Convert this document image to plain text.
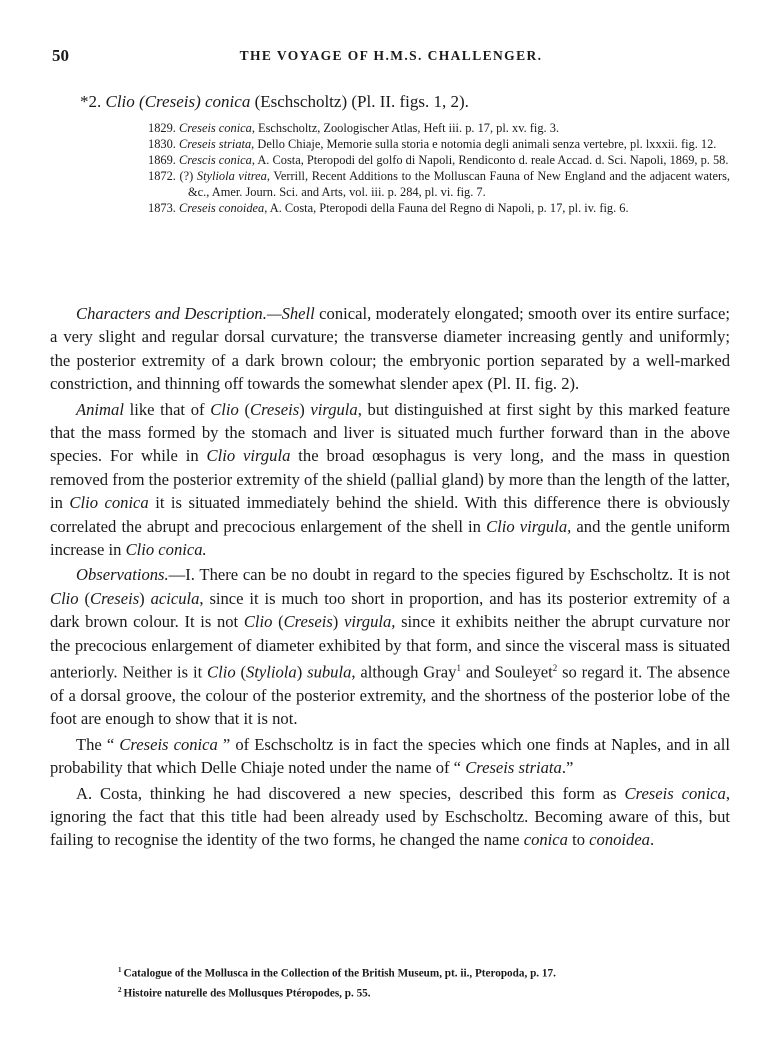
50	THE VOYAGE OF H.M.S. CHALLENGER.
*2. Clio (Creseis) conica (Eschscholtz) (Pl. II. figs. 1, 2).
1829. Creseis conica, Eschscholtz, Zoologischer Atlas, Heft iii. p. 17, pl. xv. fig. 3.
1830. Creseis striata, Dello Chiaje, Memorie sulla storia e notomia degli animali senza vertebre, pl. lxxxii. fig. 12.
1869. Crescis conica, A. Costa, Pteropodi del golfo di Napoli, Rendiconto d. reale Accad. d. Sci. Napoli, 1869, p. 58.
1872. (?) Styliola vitrea, Verrill, Recent Additions to the Molluscan Fauna of New England and the adjacent waters, &c., Amer. Journ. Sci. and Arts, vol. iii. p. 284, pl. vi. fig. 7.
1873. Creseis conoidea, A. Costa, Pteropodi della Fauna del Regno di Napoli, p. 17, pl. iv. fig. 6.

Characters and Description.—Shell conical, moderately elongated; smooth over its entire surface; a very slight and regular dorsal curvature; the transverse diameter increasing gently and uniformly; the posterior extremity of a dark brown colour; the embryonic portion separated by a well-marked constriction, and thinning off towards the somewhat slender apex (Pl. II. fig. 2).

Animal like that of Clio (Creseis) virgula, but distinguished at first sight by this marked feature that the mass formed by the stomach and liver is situated much further forward than in the above species. For while in Clio virgula the broad œsophagus is very long, and the mass in question removed from the posterior extremity of the shield (pallial gland) by more than the length of the latter, in Clio conica it is situated immediately behind the shield. With this difference there is obviously correlated the abrupt and precocious enlargement of the shell in Clio virgula, and the gentle uniform increase in Clio conica.

Observations.—I. There can be no doubt in regard to the species figured by Eschscholtz. It is not Clio (Creseis) acicula, since it is much too short in proportion, and has its posterior extremity of a dark brown colour. It is not Clio (Creseis) virgula, since it exhibits neither the abrupt curvature nor the precocious enlargement of diameter exhibited by that form, and since the visceral mass is situated anteriorly. Neither is it Clio (Styliola) subula, although Gray$^1$ and Souleyet$^2$ so regard it. The absence of a dorsal groove, the colour of the posterior extremity, and the shortness of the posterior lobe of the foot are enough to show that it is not.

The “ Creseis conica ” of Eschscholtz is in fact the species which one finds at Naples, and in all probability that which Delle Chiaje noted under the name of “ Creseis striata.”

A. Costa, thinking he had discovered a new species, described this form as Creseis conica, ignoring the fact that this title had been already used by Eschscholtz. Becoming aware of this, but failing to recognise the identity of the two forms, he changed the name conica to conoidea.

$^1$ Catalogue of the Mollusca in the Collection of the British Museum, pt. ii., Pteropoda, p. 17.
$^2$ Histoire naturelle des Mollusques Ptéropodes, p. 55.
